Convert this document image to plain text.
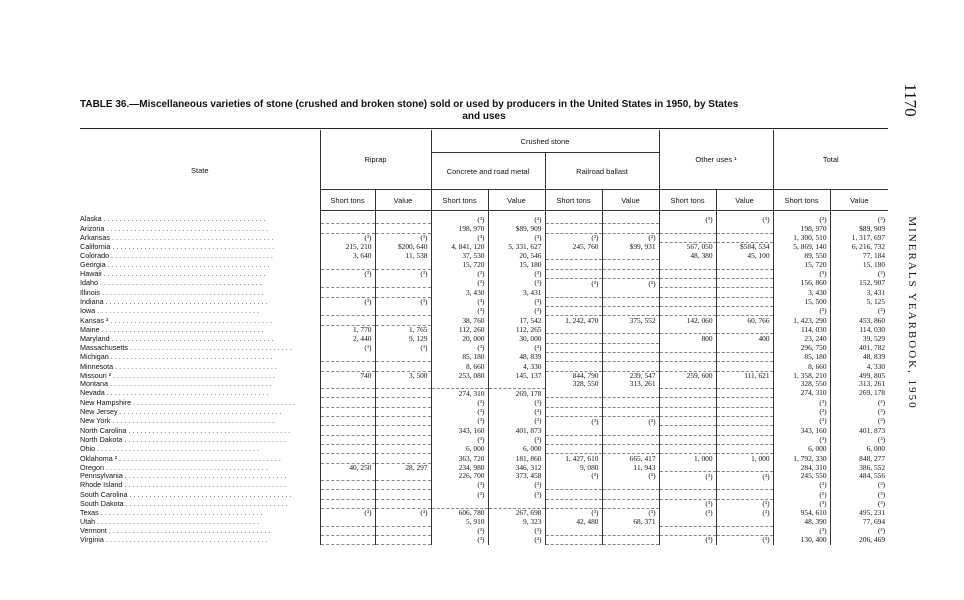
TABLE 36.—Miscellaneous varieties of stone (crushed and broken stone) sold or used by producers in the United States in 1950, by States
and uses	1170
MINERALS YEARBOOK, 1950
State	Riprap		Crushed stone				Other uses ¹		Total	
			Concrete and road metal		Railroad ballast					
	Short tons	Value	Short tons	Value	Short tons	Value	Short tons	Value	Short tons	Value
Alaska . . .			(³)	(³)			(³)	(³)	(³)	(³)
Arizona . . .			198, 970	$89, 909					198, 970	$89, 909
Arkansas . . .	(³)	(³)	(³)	(³)	(³)	(³)			1, 300, 510	1, 317, 697
California . . .	215, 210	$200, 640	4, 841, 120	5, 331, 627	245, 760	$99, 931	567, 050	$584, 534	5, 869, 140	6, 216, 732
Colorado . . .	3, 640	11, 538	37, 530	20, 546			48, 380	45, 100	89, 550	77, 184
Georgia . . .			15, 720	15, 180					15, 720	15, 180
Hawaii . . .	(³)	(³)	(³)	(³)					(³)	(³)
Idaho . . .			(³)	(³)	(³)	(³)			156, 860	152, 907
Illinois . . .			3, 430	3, 431					3, 430	3, 431
Indiana . . .	(³)	(³)	(³)	(³)					15, 500	5, 125
Iowa . . .			(³)	(³)					(³)	(³)
Kansas ² . . .			38, 760	17, 542	1, 242, 470	375, 552	142, 060	60, 766	1, 423, 290	453, 860
Maine . . .	1, 770	1, 765	112, 260	112, 265					114, 030	114, 030
Maryland . . .	2, 440	9, 129	20, 000	30, 000			800	400	23, 240	39, 529
Massachusetts . . .	(³)	(³)	(³)	(³)					296, 750	401, 782
Michigan . . .			85, 180	48, 839					85, 180	48, 839
Minnesota . . .			8, 660	4, 330					8, 660	4, 330
Missouri ² . . .	740	3, 500	253, 080	145, 137	844, 790	239, 547	259, 600	111, 621	1, 358, 210	499, 805
Montana . . .					328, 550	313, 261			328, 550	313, 261
Nevada . . .			274, 310	269, 178					274, 310	269, 178
New Hampshire . . .			(³)	(³)					(³)	(³)
New Jersey . . .			(³)	(³)					(³)	(³)
New York . . .			(³)	(³)	(³)	(³)			(³)	(³)
North Carolina . . .			343, 160	401, 873					343, 160	401, 873
North Dakota . . .			(³)	(³)					(³)	(³)
Ohio . . .			6, 000	6, 000					6, 000	6, 000
Oklahoma ² . . .			363, 720	181, 860	1, 427, 610	665, 417	1, 000	1, 000	1, 792, 330	848, 277
Oregon . . .	40, 250	28, 297	234, 980	346, 312	9, 080	11, 943			284, 310	386, 552
Pennsylvania . . .			226, 700	373, 458	(³)	(³)	(³)	(³)	245, 550	484, 556
Rhode Island . . .			(³)	(³)					(³)	(³)
South Carolina . . .			(³)	(³)					(³)	(³)
South Dakota . . .							(³)	(³)	(³)	(³)
Texas . . .	(³)	(³)	606, 780	267, 698	(³)	(³)	(³)	(³)	954, 610	495, 231
Utah . . .			5, 910	9, 323	42, 480	68, 371			48, 390	77, 694
Vermont . . .			(³)	(³)					(³)	(³)
Virginia . . .			(³)	(³)			(³)	(³)	130, 400	206, 469
